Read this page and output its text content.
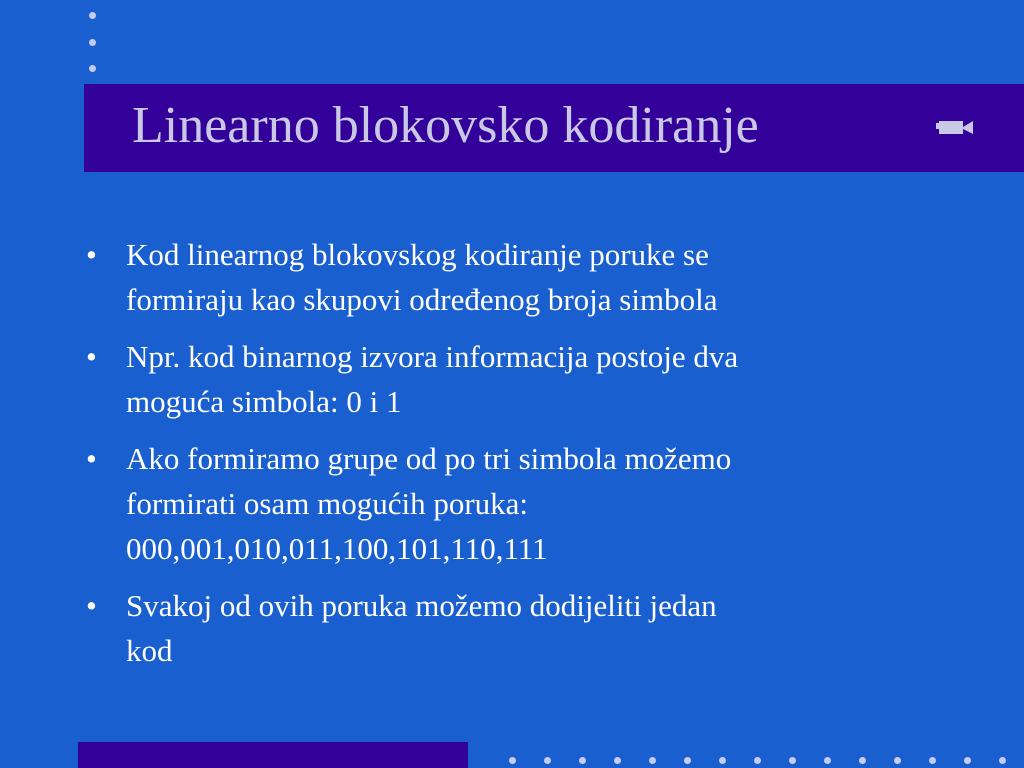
Linearno blokovsko kodiranje
• Kod linearnog blokovskog kodiranje poruke se
formiraju kao skupovi određenog broja simbola
• Npr. kod binarnog izvora informacija postoje dva
moguća simbola: 0 i 1
• Ako formiramo grupe od po tri simbola možemo
formirati osam mogućih poruka:
000,001,010,011,100,101,110,111
• Svakoj od ovih poruka možemo dodijeliti jedan
kod
